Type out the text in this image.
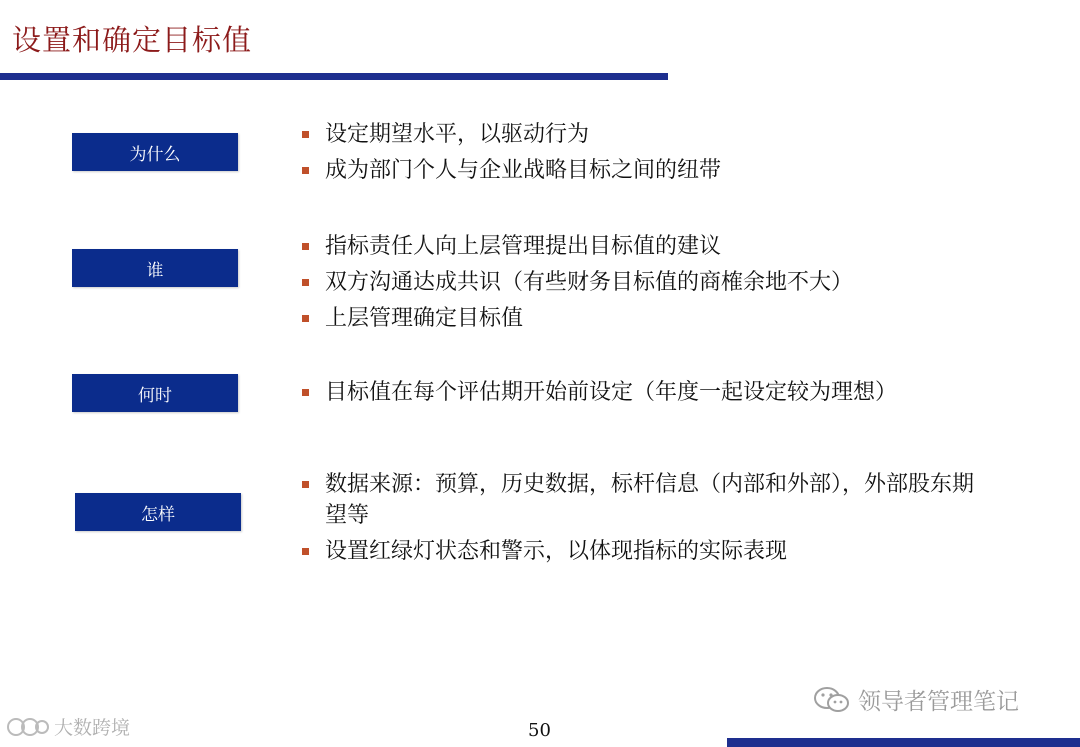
设置和确定目标值
为什么
设定期望水平，以驱动行为
成为部门个人与企业战略目标之间的纽带
谁
指标责任人向上层管理提出目标值的建议
双方沟通达成共识（有些财务目标值的商榷余地不大）
上层管理确定目标值
何时	目标值在每个评估期开始前设定（年度一起设定较为理想）
怎样
数据来源：预算，历史数据，标杆信息（内部和外部），外部股东期望等
设置红绿灯状态和警示，以体现指标的实际表现
领导者管理笔记
大数跨境	50
